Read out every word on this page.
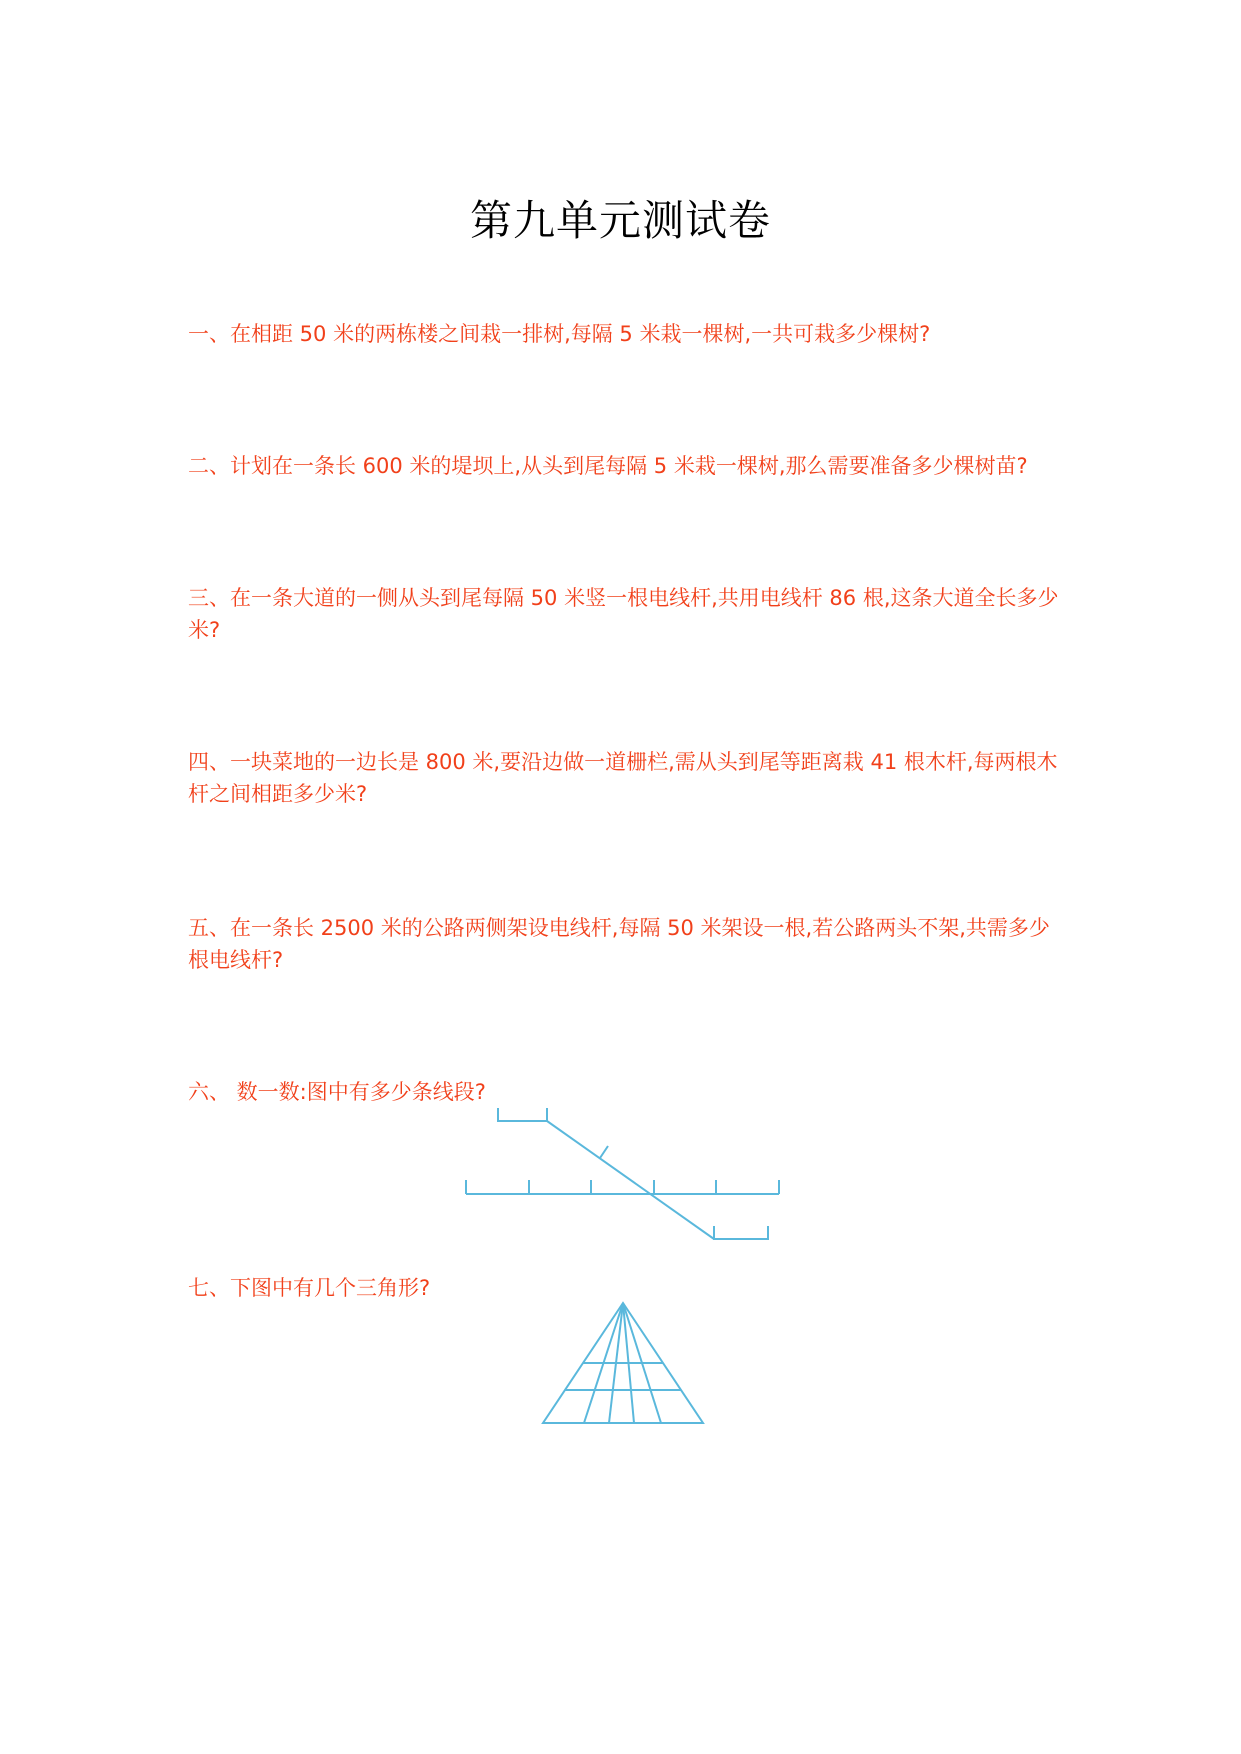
第九单元测试卷
一、在相距 50 米的两栋楼之间栽一排树,每隔 5 米栽一棵树,一共可栽多少棵树?
二、计划在一条长 600 米的堤坝上,从头到尾每隔 5 米栽一棵树,那么需要准备多少棵树苗?
三、在一条大道的一侧从头到尾每隔 50 米竖一根电线杆,共用电线杆 86 根,这条大道全长多少米?
四、一块菜地的一边长是 800 米,要沿边做一道栅栏,需从头到尾等距离栽 41 根木杆,每两根木杆之间相距多少米?
五、在一条长 2500 米的公路两侧架设电线杆,每隔 50 米架设一根,若公路两头不架,共需多少根电线杆?
六、 数一数:图中有多少条线段?
七、下图中有几个三角形?
